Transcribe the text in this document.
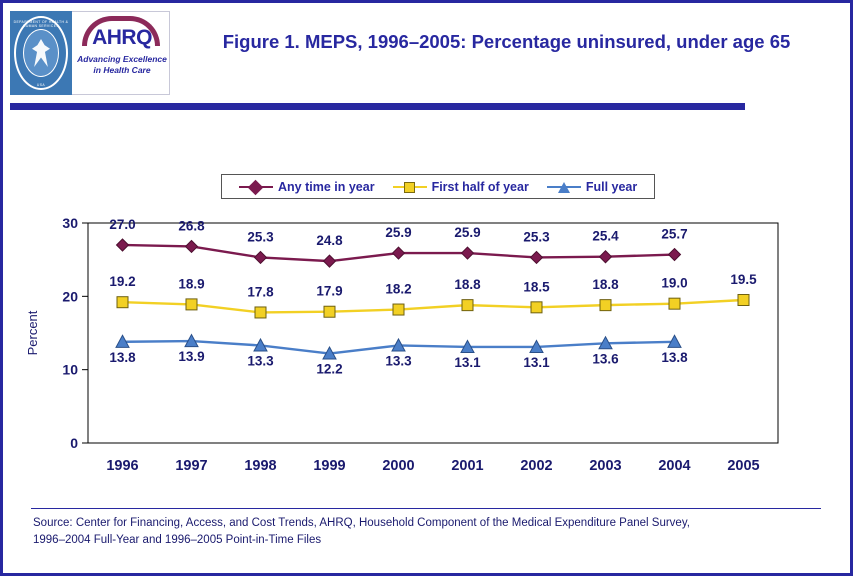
DEPARTMENT OF HEALTH & HUMAN SERVICES
USA
AHRQ
Advancing Excellence in Health Care
Figure 1. MEPS, 1996–2005: Percentage uninsured, under age 65
Any time in year	First half of year	Full year
0
10
20
30
Percent
1996	1997	1998	1999	2000	2001	2002	2003	2004	2005
27.0	26.8
25.3	24.8
25.9	25.9	25.3	25.4	25.7
19.2	18.9
17.8	17.9	18.2	18.8	18.5	18.8	19.0	19.5
13.8	13.9	13.3
12.2
13.3	13.1	13.1	13.6	13.8
Source: Center for Financing, Access, and Cost Trends, AHRQ, Household Component of the Medical Expenditure Panel Survey,
1996–2004 Full-Year and 1996–2005 Point-in-Time Files
